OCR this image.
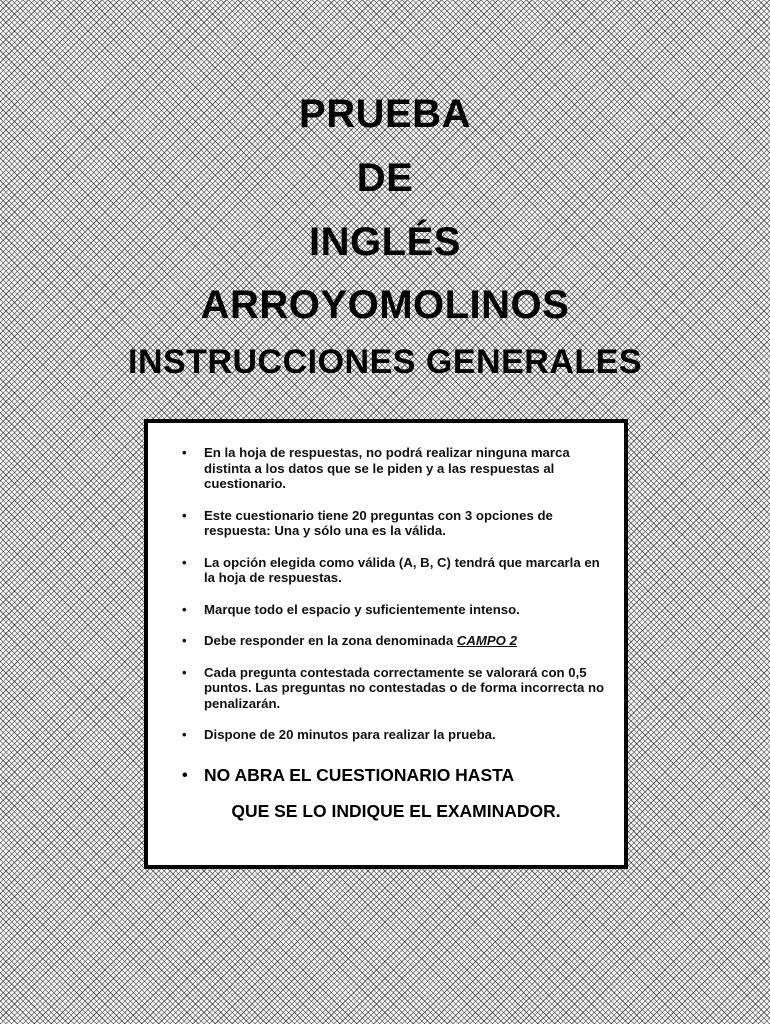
PRUEBA
DE
INGLÉS
ARROYOMOLINOS
INSTRUCCIONES GENERALES
• En la hoja de respuestas, no podrá realizar ninguna marca distinta a los datos que se le piden y a las respuestas al cuestionario.
• Este cuestionario tiene 20 preguntas con 3 opciones de respuesta: Una y sólo una es la válida.
• La opción elegida como válida (A, B, C) tendrá que marcarla en la hoja de respuestas.
• Marque todo el espacio y suficientemente intenso.
• Debe responder en la zona denominada CAMPO 2
• Cada pregunta contestada correctamente se valorará con 0,5 puntos. Las preguntas no contestadas o de forma incorrecta no penalizarán.
• Dispone de 20 minutos para realizar la prueba.
• NO ABRA EL CUESTIONARIO HASTA
QUE SE LO INDIQUE EL EXAMINADOR.
